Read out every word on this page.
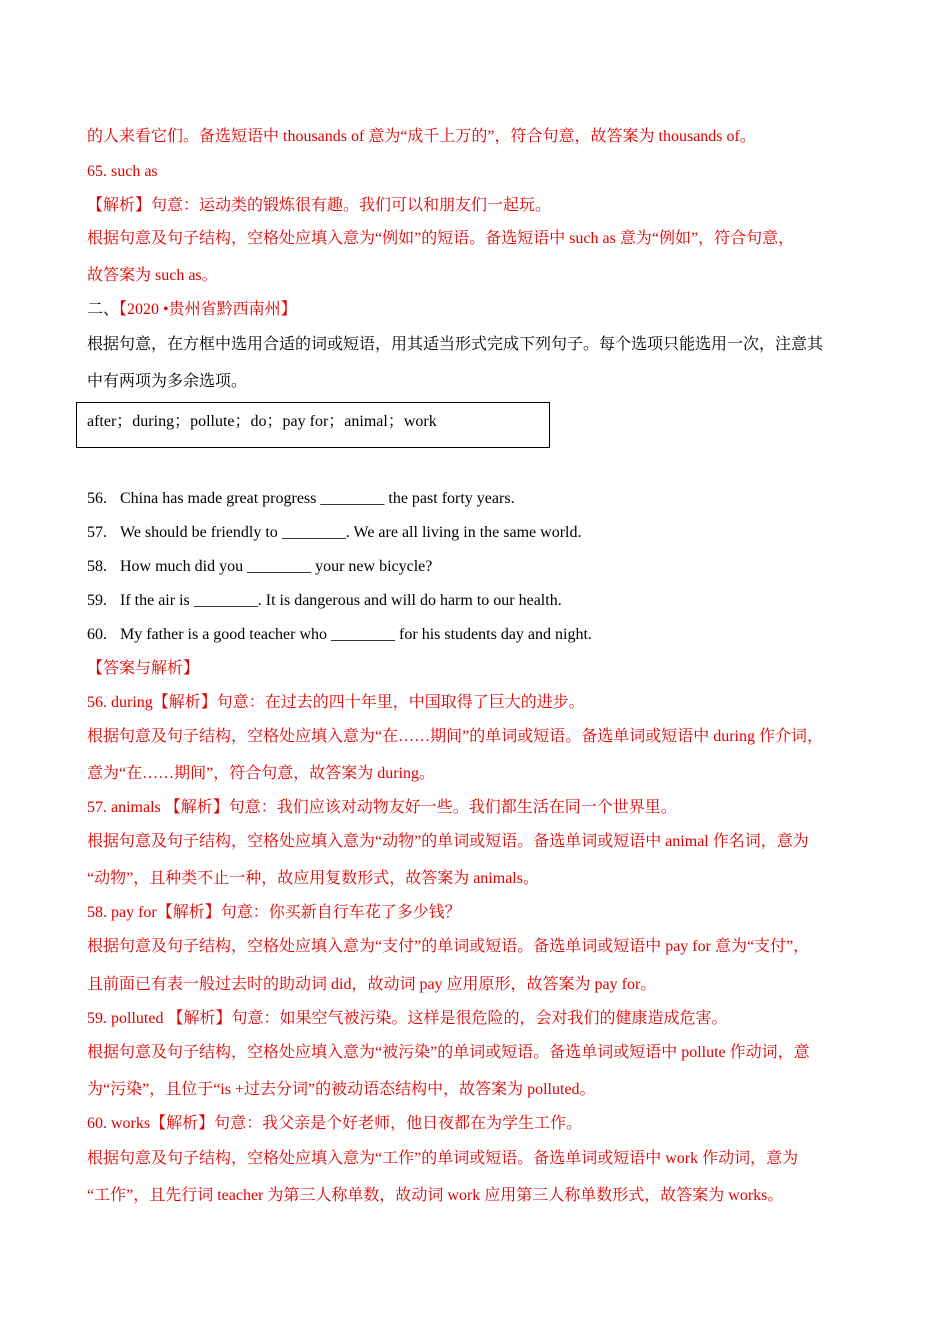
的人来看它们。备选短语中 thousands of 意为“成千上万的”，符合句意，故答案为 thousands of。
65. such as
【解析】句意：运动类的锻炼很有趣。我们可以和朋友们一起玩。
根据句意及句子结构，空格处应填入意为“例如”的短语。备选短语中 such as 意为“例如”，符合句意，
故答案为 such as。
二、【2020 •贵州省黔西南州】
根据句意，在方框中选用合适的词或短语，用其适当形式完成下列句子。每个选项只能选用一次，注意其
中有两项为多余选项。
after；during；pollute；do；pay for；animal；work
56. China has made great progress ________ the past forty years.
57. We should be friendly to ________. We are all living in the same world.
58. How much did you ________ your new bicycle?
59. If the air is ________. It is dangerous and will do harm to our health.
60. My father is a good teacher who ________ for his students day and night.
【答案与解析】
56. during【解析】句意：在过去的四十年里，中国取得了巨大的进步。
根据句意及句子结构，空格处应填入意为“在……期间”的单词或短语。备选单词或短语中 during 作介词，
意为“在……期间”，符合句意，故答案为 during。
57. animals 【解析】句意：我们应该对动物友好一些。我们都生活在同一个世界里。
根据句意及句子结构，空格处应填入意为“动物”的单词或短语。备选单词或短语中 animal 作名词，意为
“动物”，且种类不止一种，故应用复数形式，故答案为 animals。
58. pay for【解析】句意：你买新自行车花了多少钱？
根据句意及句子结构，空格处应填入意为“支付”的单词或短语。备选单词或短语中 pay for 意为“支付”，
且前面已有表一般过去时的助动词 did，故动词 pay 应用原形，故答案为 pay for。
59. polluted 【解析】句意：如果空气被污染。这样是很危险的，会对我们的健康造成危害。
根据句意及句子结构，空格处应填入意为“被污染”的单词或短语。备选单词或短语中 pollute 作动词，意
为“污染”，且位于“is +过去分词”的被动语态结构中，故答案为 polluted。
60. works【解析】句意：我父亲是个好老师，他日夜都在为学生工作。
根据句意及句子结构，空格处应填入意为“工作”的单词或短语。备选单词或短语中 work 作动词，意为
“工作”，且先行词 teacher 为第三人称单数，故动词 work 应用第三人称单数形式，故答案为 works。
